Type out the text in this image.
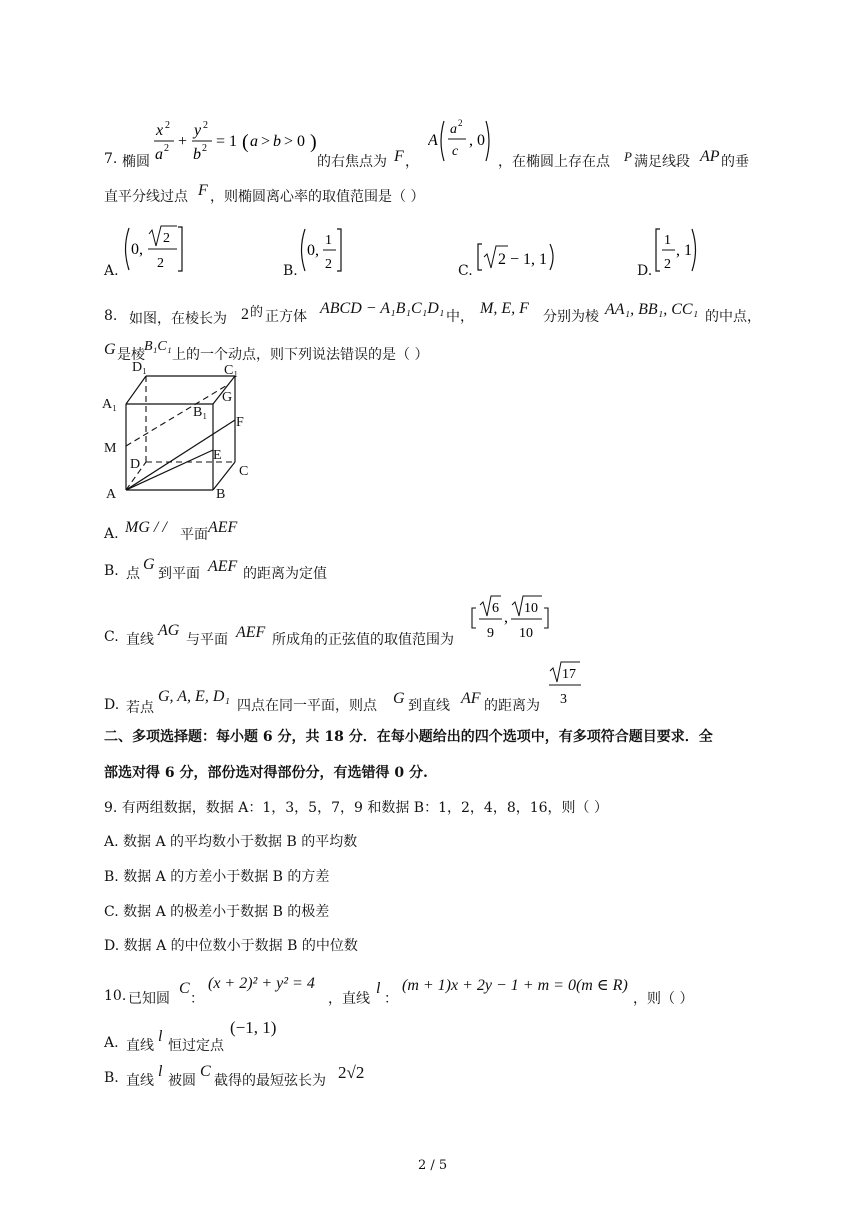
7. 椭圆
x 2
a 2 +
y 2
b 2 = 1 ( a > b > 0 )
的右焦点为 F ，
A
a 2
c
, 0
，在椭圆上存在点 P 满足线段 AP 的垂
直平分线过点 F ，则椭圆离心率的取值范围是（ ）
A.
0,
2
2	B.
0,
1
2	C.
2 − 1, 1
D.
1
2
, 1
8. 如图，在棱长为 2 的 正方体 ABCD − A₁B₁C₁D₁ 中， M, E, F 分别为棱 AA₁, BB₁, CC₁ 的中点，
G 是棱
B₁C₁
上的一个动点，则下列说法错误的是（ ）
D₁	C₁
A₁
B₁
G
F
M	E
D	C
A	B
A. MG / / 平面 AEF
B. 点
G
到平面 AEF 的距离为定值
C. 直线
AG
与平面 AEF 所成角的正弦值的取值范围为
6
9
,
10
10
D. 若点
G, A, E, D₁
四点在同一平面，则点 G 到直线 AF 的距离为
17
3
二、多项选择题：每小题 6 分，共 18 分．在每小题给出的四个选项中，有多项符合题目要求．全
部选对得 6 分，部份选对得部份分，有选错得 0 分.
9. 有两组数据，数据 A：1，3，5，7，9 和数据 B：1，2，4，8，16，则（ ）
A. 数据 A 的平均数小于数据 B 的平均数
B. 数据 A 的方差小于数据 B 的方差
C. 数据 A 的极差小于数据 B 的极差
D. 数据 A 的中位数小于数据 B 的中位数
10. 已知圆
C
：
(x + 2)² + y² = 4
，直线
l
：
(m + 1)x + 2y − 1 + m = 0(m ∈ R)
，则（ ）
A. 直线
l
恒过定点
(−1, 1)
B. 直线
l
被圆
C
截得的最短弦长为 2√2
2 / 5
